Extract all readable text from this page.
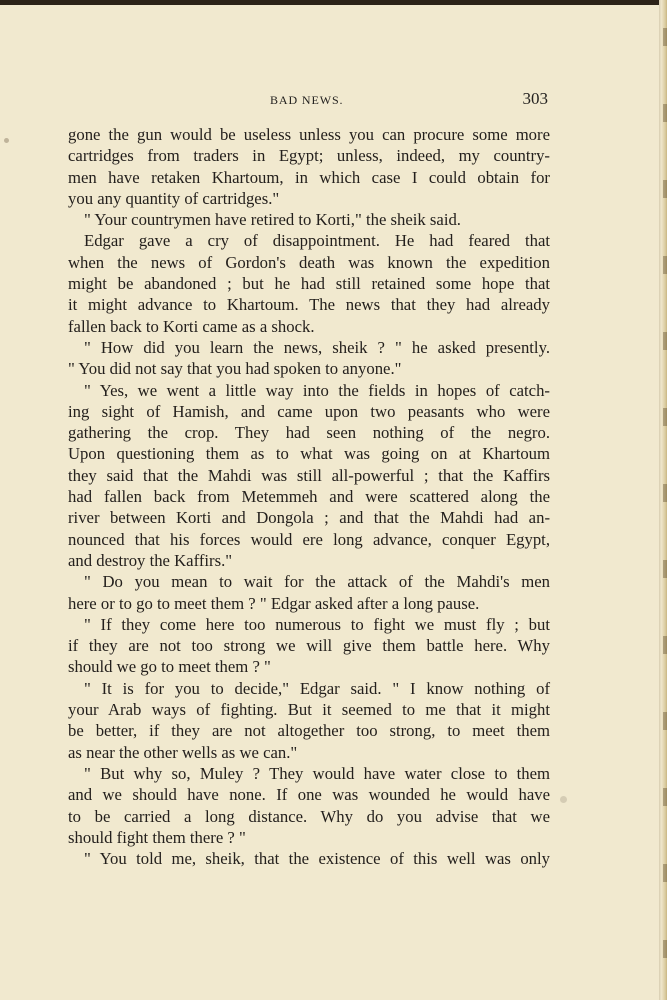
BAD NEWS.	303
gone the gun would be useless unless you can procure some more
cartridges from traders in Egypt; unless, indeed, my country-
men have retaken Khartoum, in which case I could obtain for
you any quantity of cartridges."
" Your countrymen have retired to Korti," the sheik said.
Edgar gave a cry of disappointment. He had feared that
when the news of Gordon's death was known the expedition
might be abandoned ; but he had still retained some hope that
it might advance to Khartoum. The news that they had already
fallen back to Korti came as a shock.
" How did you learn the news, sheik ? " he asked presently.
" You did not say that you had spoken to anyone."
" Yes, we went a little way into the fields in hopes of catch-
ing sight of Hamish, and came upon two peasants who were
gathering the crop. They had seen nothing of the negro.
Upon questioning them as to what was going on at Khartoum
they said that the Mahdi was still all-powerful ; that the Kaffirs
had fallen back from Metemmeh and were scattered along the
river between Korti and Dongola ; and that the Mahdi had an-
nounced that his forces would ere long advance, conquer Egypt,
and destroy the Kaffirs."
" Do you mean to wait for the attack of the Mahdi's men
here or to go to meet them ? " Edgar asked after a long pause.
" If they come here too numerous to fight we must fly ; but
if they are not too strong we will give them battle here. Why
should we go to meet them ? "
" It is for you to decide," Edgar said. " I know nothing of
your Arab ways of fighting. But it seemed to me that it might
be better, if they are not altogether too strong, to meet them
as near the other wells as we can."
" But why so, Muley ? They would have water close to them
and we should have none. If one was wounded he would have
to be carried a long distance. Why do you advise that we
should fight them there ? "
" You told me, sheik, that the existence of this well was only
